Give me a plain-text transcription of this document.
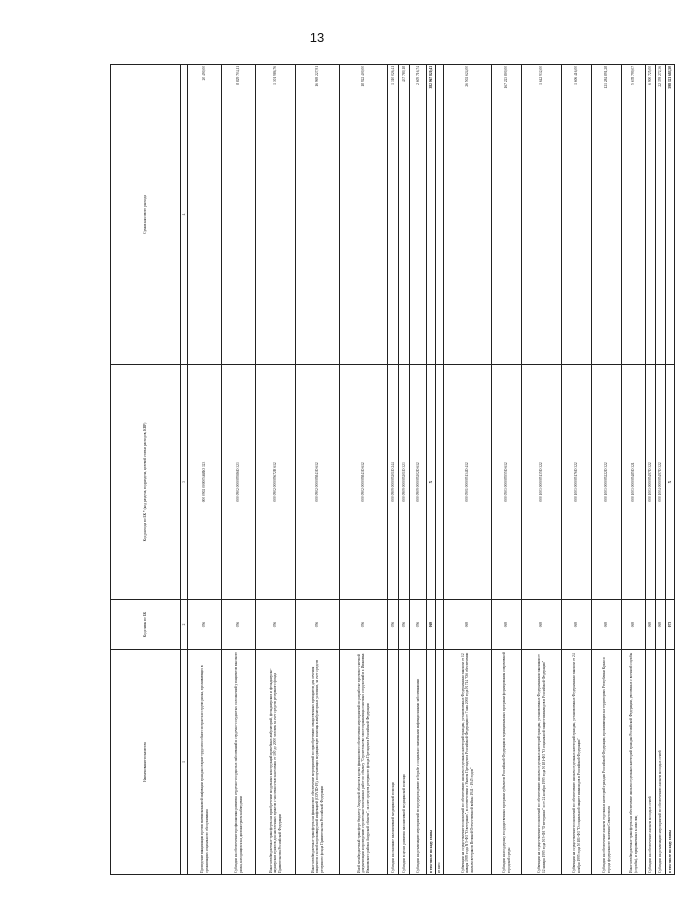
13
Наименование показателя	Код главы по БК	Код расхода по БК * (код раздела, подраздела, целевой статьи расходов, КВР)	Сумма кассового расхода
1	2	3	4
Проведение вакцинации против пневмококковой инфекции граждан старше трудоспособного возраста из групп риска, проживающих в организациях социального обслуживания	056	000 0902 000005468Ю 323	20 490,00
Субсидии на обеспечение профилактики развития сердечно-сосудистых заболеваний и сердечно-сосудистых осложнений у пациентов высокого риска, находящихся на диспансерном наблюдении	056	000 0902 000005586О 323	8 829 704,11
Иные межбюджетные трансферты на приобретение модульных конструкций врачебных амбулаторий, фельдшерских и фельдшерско-акушерских пунктов для населенных пунктов с численностью населения от 100 до 2000 человек за счет средств резервного фонда Правительства Российской Федерации	056	000 0902 000005672Н 612	1 301 986,76
Иные межбюджетные трансферты на финансовое обеспечение мероприятий по приобретению лекарственных препаратов для лечения пациентов с новой коронавирусной инфекцией (COVID-19), получающих медицинскую помощь в амбулаторных условиях, за счет средств резервного фонда Правительства Российской Федерации	056	000 0902 000005843О 612	16 969 227,91
Иной межбюджетный трансферт бюджету Амурской области в целях финансового обеспечения мероприятий по разработке проектно-сметной документации и проведению строительно-монтажных работ по объекту "Строительство хвостохранилища очистных сооружений в г. Ивановка Ивановского района Амурской области", за счет средств резервного фонда Президента Российской Федерации	056	000 0902 000005843О 612	18 922 400,00
Субсидии на оказание паллиативной медицинской помощи	056	000 0909 000005201О 244	1 310 026,41
Субсидии в целях развития паллиативной медицинской помощи	056	000 0909 000005201О 323	437 780,18
Субсидии на реализацию мероприятий по предупреждению и борьбе с социально значимыми инфекционными заболеваниями	056	000 0909 000005202О 612	2 605 716,74
в том числе по коду главы	069	Х	382 967 820,41
из них:			
Субвенции на осуществление полномочий по обеспечению жильем отдельных категорий граждан, установленных Федеральным законом от 12 января 1995 года N 5-ФЗ "О ветеранах", в соответствии с Указом Президента Российской Федерации от 7 мая 2008 года N 714 "Об обеспечении жильем ветеранов Великой Отечественной войны 1941 - 1945 годов"	069	000 0501 000005134О 412	26 502 624,00
Субсидии на поддержку государственных программ субъектов Российской Федерации и муниципальных программ формирования современной городской среды	069	000 0503 000005555О 612	167 223 800,00
Субвенции на осуществление полномочий по обеспечению жильем отдельных категорий граждан, установленных Федеральными законами от 12 января 1995 года N 5-ФЗ "О ветеранах" и от 24 ноября 1995 года N 181-ФЗ "О социальной защите инвалидов в Российской Федерации"	069	000 1003 000005135О 322	1 642 932,00
Субвенции на осуществление полномочий по обеспечению жильем отдельных категорий граждан, установленных Федеральным законом от 24 ноября 1995 года N 181-ФЗ "О социальной защите инвалидов в Российской Федерации"	069	000 1003 000005176О 322	1 606 416,00
Субсидии на обеспечение жильем отдельных категорий граждан Российской Федерации, проживающих на территориях Республики Крым и города федерального значения Севастополя	069	000 1003 000005222О 322	121 284 891,28
Иные межбюджетные трансферты на обеспечение жильем отдельных категорий граждан Российской Федерации, уволенных с военной службы (службы), и приравненных к ним лиц	069	000 1003 000005485О 321	5 678 799,07
Субсидии на обеспечение жильем молодых семей	069	000 1003 000005497О 322	6 900 725,00
Субсидии на реализацию мероприятий по обеспечению жильем молодых семей	069	000 1004 000005497О 322	22 359 272,36
в том числе по коду главы	073	Х	598 321 683,50
